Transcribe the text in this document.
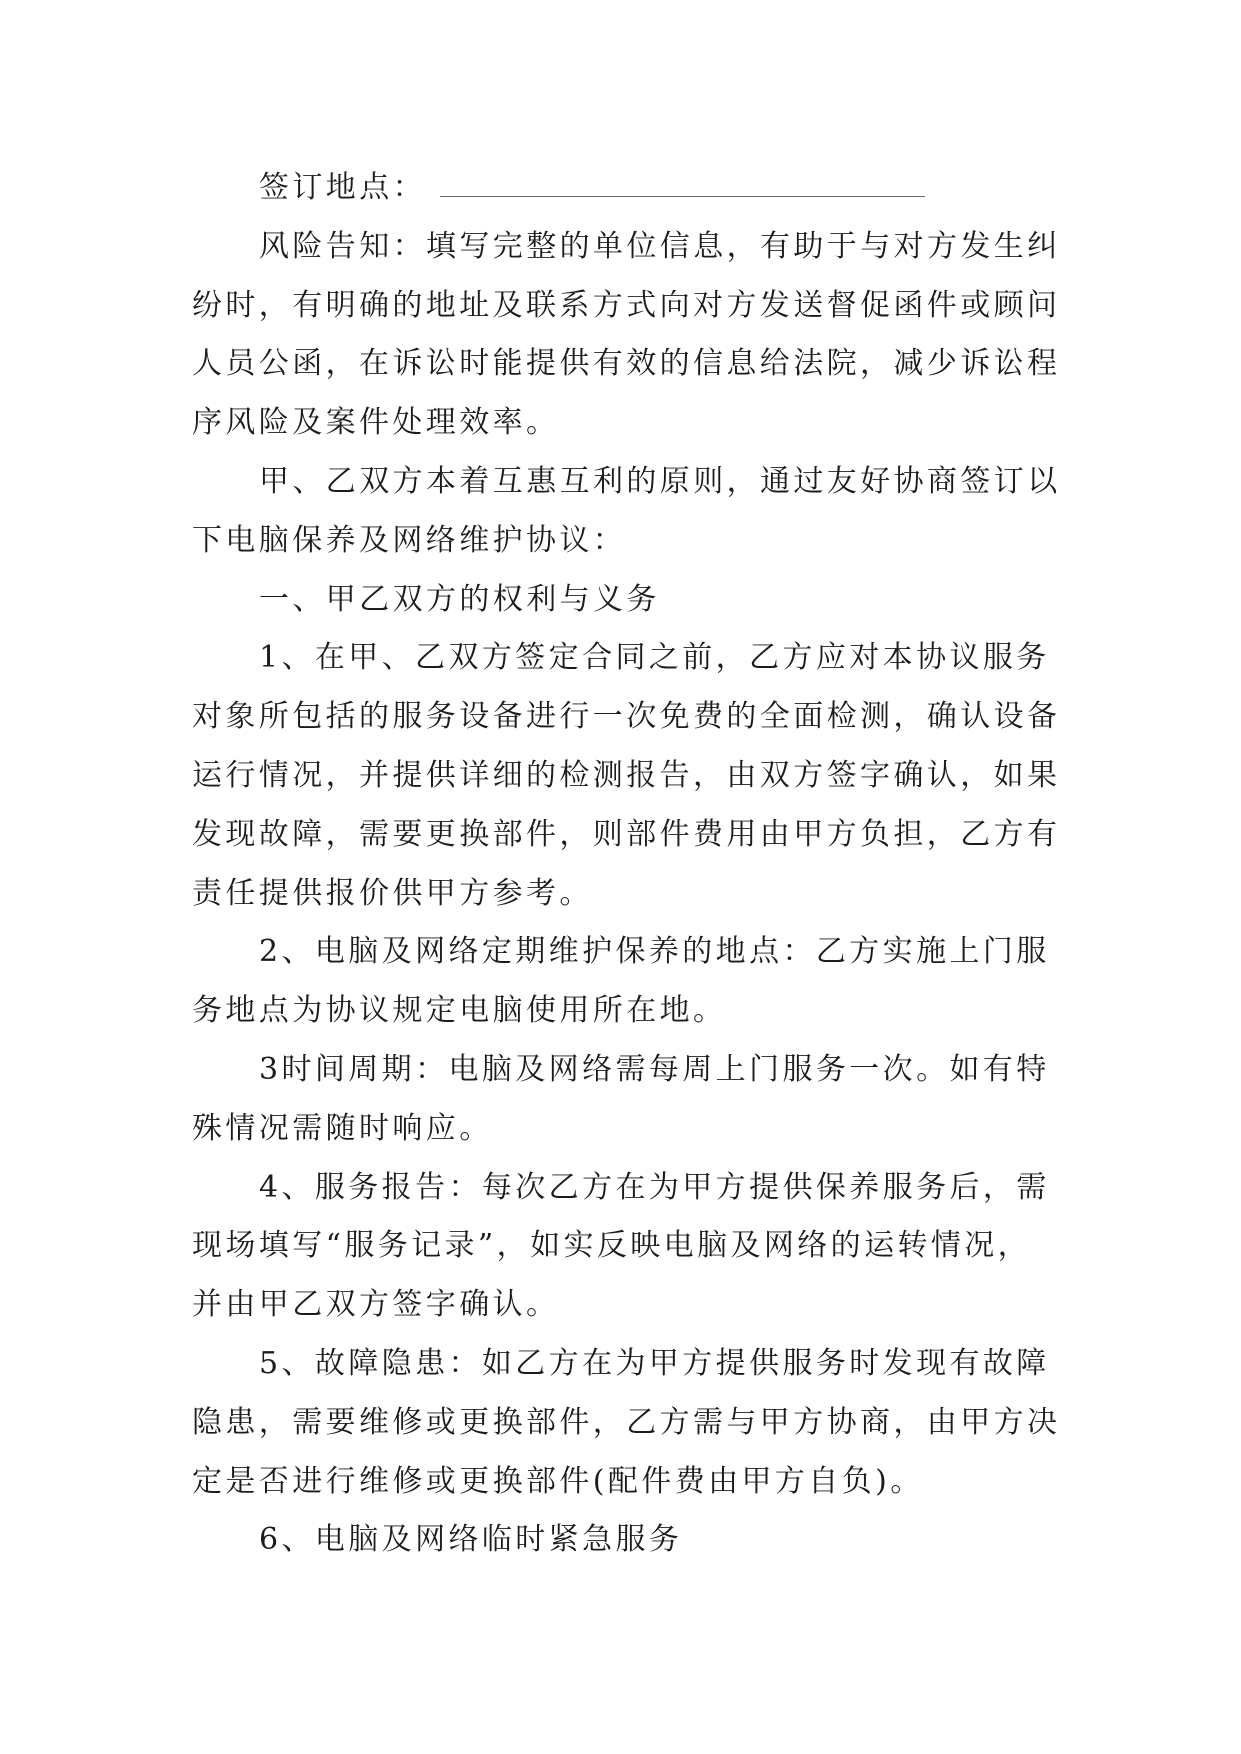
签订地点：
风险告知：填写完整的单位信息，有助于与对方发生纠
纷时，有明确的地址及联系方式向对方发送督促函件或顾问
人员公函，在诉讼时能提供有效的信息给法院，减少诉讼程
序风险及案件处理效率。
甲、乙双方本着互惠互利的原则，通过友好协商签订以
下电脑保养及网络维护协议：
一、甲乙双方的权利与义务
1、在甲、乙双方签定合同之前，乙方应对本协议服务
对象所包括的服务设备进行一次免费的全面检测，确认设备
运行情况，并提供详细的检测报告，由双方签字确认，如果
发现故障，需要更换部件，则部件费用由甲方负担，乙方有
责任提供报价供甲方参考。
2、电脑及网络定期维护保养的地点：乙方实施上门服
务地点为协议规定电脑使用所在地。
3时间周期：电脑及网络需每周上门服务一次。如有特
殊情况需随时响应。
4、服务报告：每次乙方在为甲方提供保养服务后，需
现场填写“服务记录”，如实反映电脑及网络的运转情况，
并由甲乙双方签字确认。
5、故障隐患：如乙方在为甲方提供服务时发现有故障
隐患，需要维修或更换部件，乙方需与甲方协商，由甲方决
定是否进行维修或更换部件(配件费由甲方自负)。
6、电脑及网络临时紧急服务
